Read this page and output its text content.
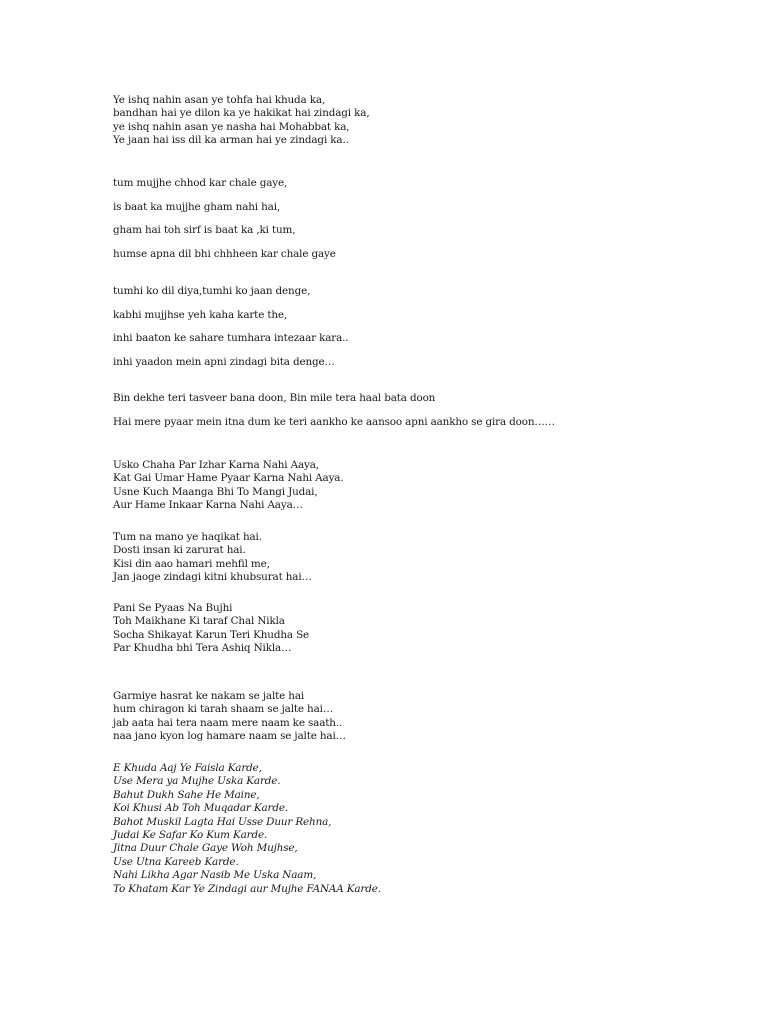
Ye ishq nahin asan ye tohfa hai khuda ka,
bandhan hai ye dilon ka ye hakikat hai zindagi ka,
ye ishq nahin asan ye nasha hai Mohabbat ka,
Ye jaan hai iss dil ka arman hai ye zindagi ka..
tum mujjhe chhod kar chale gaye,
is baat ka mujjhe gham nahi hai,
gham hai toh sirf is baat ka ,ki tum,
humse apna dil bhi chhheen kar chale gaye
tumhi ko dil diya,tumhi ko jaan denge,
kabhi mujjhse yeh kaha karte the,
inhi baaton ke sahare tumhara intezaar kara..
inhi yaadon mein apni zindagi bita denge…
Bin dekhe teri tasveer bana doon, Bin mile tera haal bata doon
Hai mere pyaar mein itna dum ke teri aankho ke aansoo apni aankho se gira doon……
Usko Chaha Par Izhar Karna Nahi Aaya,
Kat Gai Umar Hame Pyaar Karna Nahi Aaya.
Usne Kuch Maanga Bhi To Mangi Judai,
Aur Hame Inkaar Karna Nahi Aaya…
Tum na mano ye haqikat hai.
Dosti insan ki zarurat hai.
Kisi din aao hamari mehfil me,
Jan jaoge zindagi kitni khubsurat hai…
Pani Se Pyaas Na Bujhi
Toh Maikhane Ki taraf Chal Nikla
Socha Shikayat Karun Teri Khudha Se
Par Khudha bhi Tera Ashiq Nikla…
Garmiye hasrat ke nakam se jalte hai
hum chiragon ki tarah shaam se jalte hai…
jab aata hai tera naam mere naam ke saath..
naa jano kyon log hamare naam se jalte hai…
E Khuda Aaj Ye Faisla Karde,
Use Mera ya Mujhe Uska Karde.
Bahut Dukh Sahe He Maine,
Koi Khusi Ab Toh Muqadar Karde.
Bahot Muskil Lagta Hai Usse Duur Rehna,
Judai Ke Safar Ko Kum Karde.
Jitna Duur Chale Gaye Woh Mujhse,
Use Utna Kareeb Karde.
Nahi Likha Agar Nasib Me Uska Naam,
To Khatam Kar Ye Zindagi aur Mujhe FANAA Karde.
